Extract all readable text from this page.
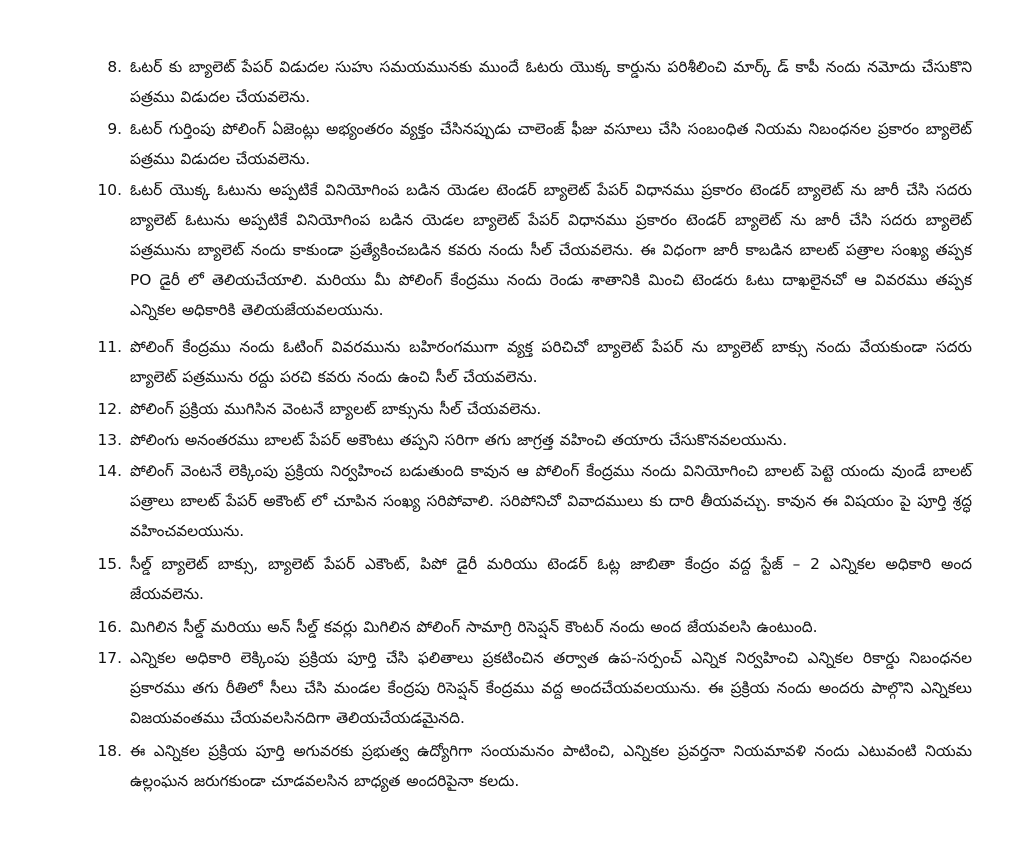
8. ఓటర్ కు బ్యాలెట్ పేపర్ విడుదల సుహు సమయమునకు ముందే ఓటరు యొక్క కార్డును పరిశీలించి మార్క్ డ్ కాపీ నందు నమోదు చేసుకొని పత్రము విడుదల చేయవలెను.
9. ఓటర్ గుర్తింపు పోలింగ్ ఏజెంట్లు అభ్యంతరం వ్యక్తం చేసినప్పుడు చాలెంజ్ ఫీజు వసూలు చేసి సంబంధిత నియమ నిబంధనల ప్రకారం బ్యాలెట్ పత్రము విడుదల చేయవలెను.
10. ఓటర్ యొక్క ఓటును అప్పటికే వినియోగింప బడిన యెడల టెండర్ బ్యాలెట్ పేపర్ విధానము ప్రకారం టెండర్ బ్యాలెట్ ను జారీ చేసి సదరు బ్యాలెట్ ఓటును అప్పటికే వినియోగింప బడిన యెడల బ్యాలెట్ పేపర్ విధానము ప్రకారం టెండర్ బ్యాలెట్ ను జారీ చేసి సదరు బ్యాలెట్ పత్రమును బ్యాలెట్ నందు కాకుండా ప్రత్యేకించబడిన కవరు నందు సీల్ చేయవలెను. ఈ విధంగా జారీ కాబడిన బాలట్ పత్రాల సంఖ్య తప్పక PO డైరీ లో తెలియచేయాలి. మరియు మీ పోలింగ్ కేంద్రము నందు రెండు శాతానికి మించి టెండరు ఓటు దాఖలైనచో ఆ వివరము తప్పక ఎన్నికల అధికారికి తెలియజేయవలయును.
11. పోలింగ్ కేంద్రము నందు ఓటింగ్ వివరమును బహిరంగముగా వ్యక్త పరిచిచో బ్యాలెట్ పేపర్ ను బ్యాలెట్ బాక్సు నందు వేయకుండా సదరు బ్యాలెట్ పత్రమును రద్దు పరచి కవరు నందు ఉంచి సీల్ చేయవలెను.
12. పోలింగ్ ప్రక్రియ ముగిసిన వెంటనే బ్యాలట్ బాక్సును సీల్ చేయవలెను.
13. పోలింగు అనంతరము బాలట్ పేపర్ అకౌంటు తప్పని సరిగా తగు జాగ్రత్త వహించి తయారు చేసుకొనవలయును.
14. పోలింగ్ వెంటనే లెక్కింపు ప్రక్రియ నిర్వహించ బడుతుంది కావున ఆ పోలింగ్ కేంద్రము నందు వినియోగించి బాలట్ పెట్టె యందు వుండే బాలట్ పత్రాలు బాలట్ పేపర్ అకౌంట్ లో చూపిన సంఖ్య సరిపోవాలి. సరిపోనిచో వివాదములు కు దారి తీయవచ్చు. కావున ఈ విషయం పై పూర్తి శ్రద్ధ వహించవలయును.
15. సీల్డ్ బ్యాలెట్ బాక్సు, బ్యాలెట్ పేపర్ ఎకౌంట్, పిపో డైరీ మరియు టెండర్ ఓట్ల జాబితా కేంద్రం వద్ద స్టేజ్ – 2 ఎన్నికల అధికారి అంద జేయవలెను.
16. మిగిలిన సీల్డ్ మరియు అన్ సీల్డ్ కవర్లు మిగిలిన పోలింగ్ సామాగ్రి రిసెప్షన్ కౌంటర్ నందు అంద జేయవలసి ఉంటుంది.
17. ఎన్నికల అధికారి లెక్కింపు ప్రక్రియ పూర్తి చేసి ఫలితాలు ప్రకటించిన తర్వాత ఉప-సర్పంచ్ ఎన్నిక నిర్వహించి ఎన్నికల రికార్డు నిబంధనల ప్రకారము తగు రీతిలో సీలు చేసి మండల కేంద్రపు రిసెప్షన్ కేంద్రము వద్ద అందచేయవలయును. ఈ ప్రక్రియ నందు అందరు పాల్గొని ఎన్నికలు విజయవంతము చేయవలసినదిగా తెలియచేయడమైనది.
18. ఈ ఎన్నికల ప్రక్రియ పూర్తి అగువరకు ప్రభుత్వ ఉద్యోగిగా సంయమనం పాటించి, ఎన్నికల ప్రవర్తనా నియమావళి నందు ఎటువంటి నియమ ఉల్లంఘన జరుగకుండా చూడవలసిన బాధ్యత అందరిపైనా కలదు.
